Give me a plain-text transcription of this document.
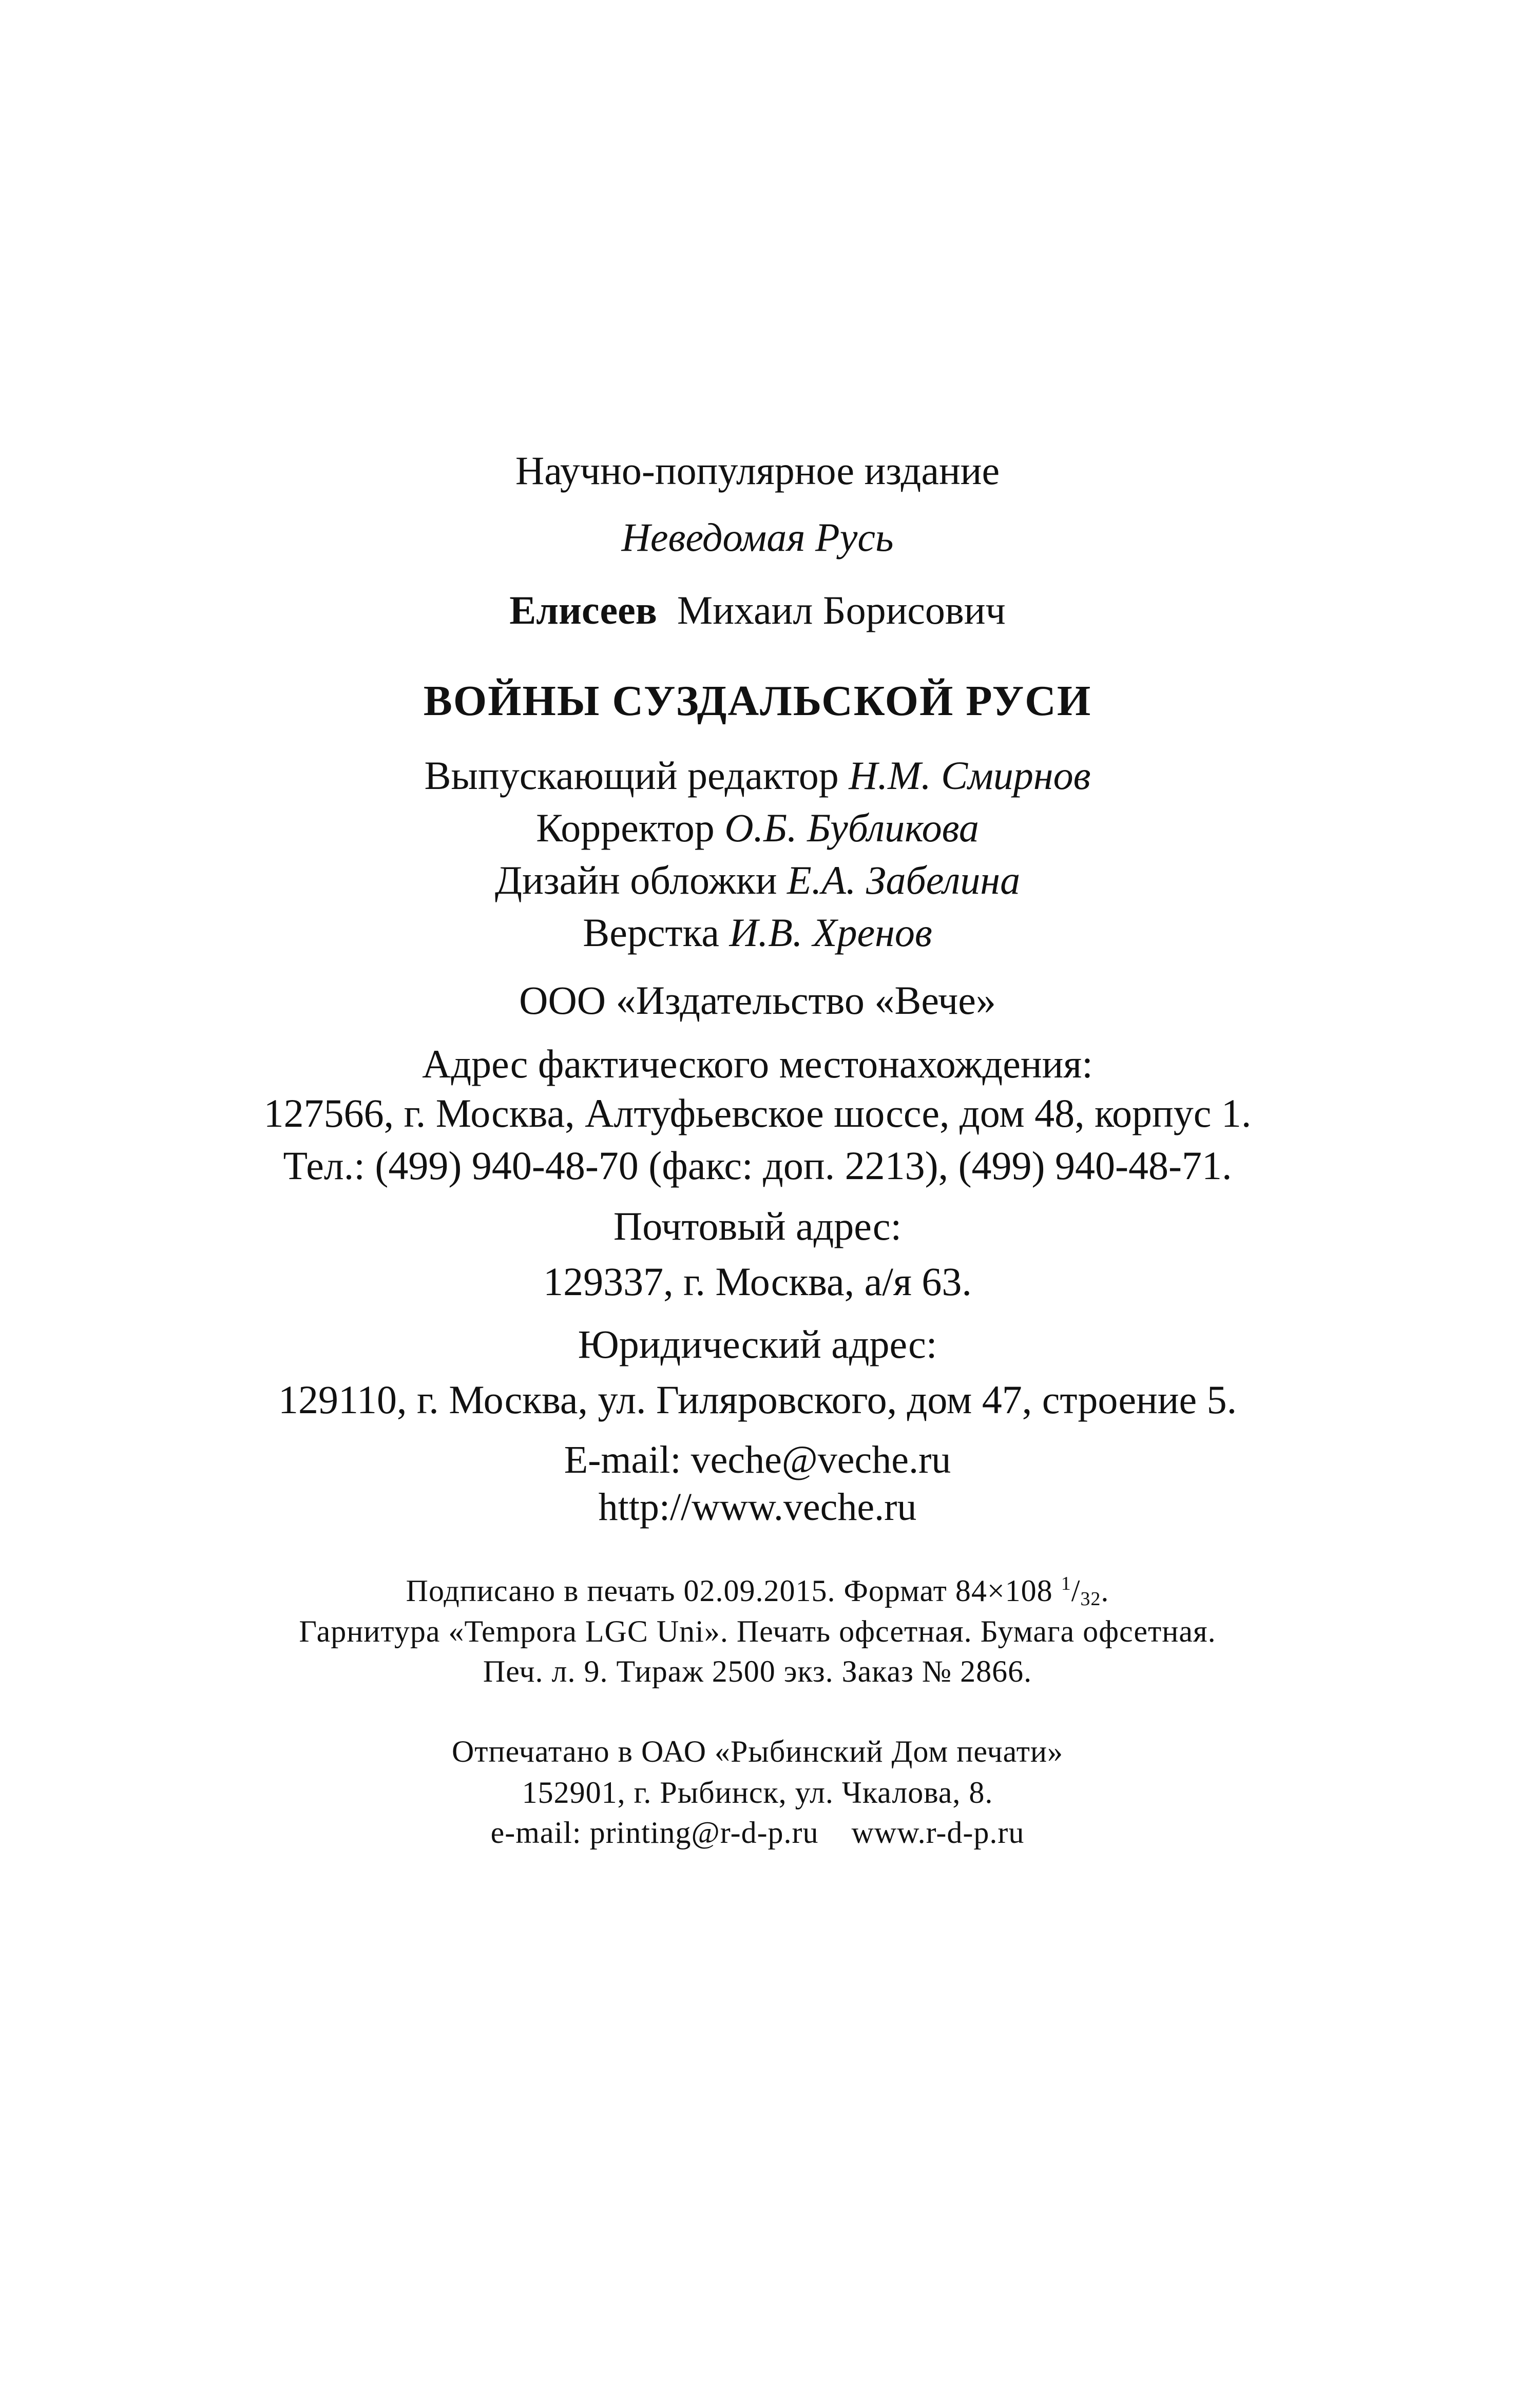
Научно-популярное издание
Неведомая Русь
Елисеев Михаил Борисович
ВОЙНЫ СУЗДАЛЬСКОЙ РУСИ
Выпускающий редактор Н.М. Смирнов
Корректор О.Б. Бубликова
Дизайн обложки Е.А. Забелина
Верстка И.В. Хренов
ООО «Издательство «Вече»
Адрес фактического местонахождения:
127566, г. Москва, Алтуфьевское шоссе, дом 48, корпус 1.
Тел.: (499) 940-48-70 (факс: доп. 2213), (499) 940-48-71.
Почтовый адрес:
129337, г. Москва, а/я 63.
Юридический адрес:
129110, г. Москва, ул. Гиляровского, дом 47, строение 5.
E-mail: veche@veche.ru
http://www.veche.ru
Подписано в печать 02.09.2015. Формат 84×108 $^1/_{32}$.
Гарнитура «Tempora LGC Uni». Печать офсетная. Бумага офсетная.
Печ. л. 9. Тираж 2500 экз. Заказ № 2866.
Отпечатано в ОАО «Рыбинский Дом печати»
152901, г. Рыбинск, ул. Чкалова, 8.
e-mail: printing@r-d-p.ru www.r-d-p.ru
